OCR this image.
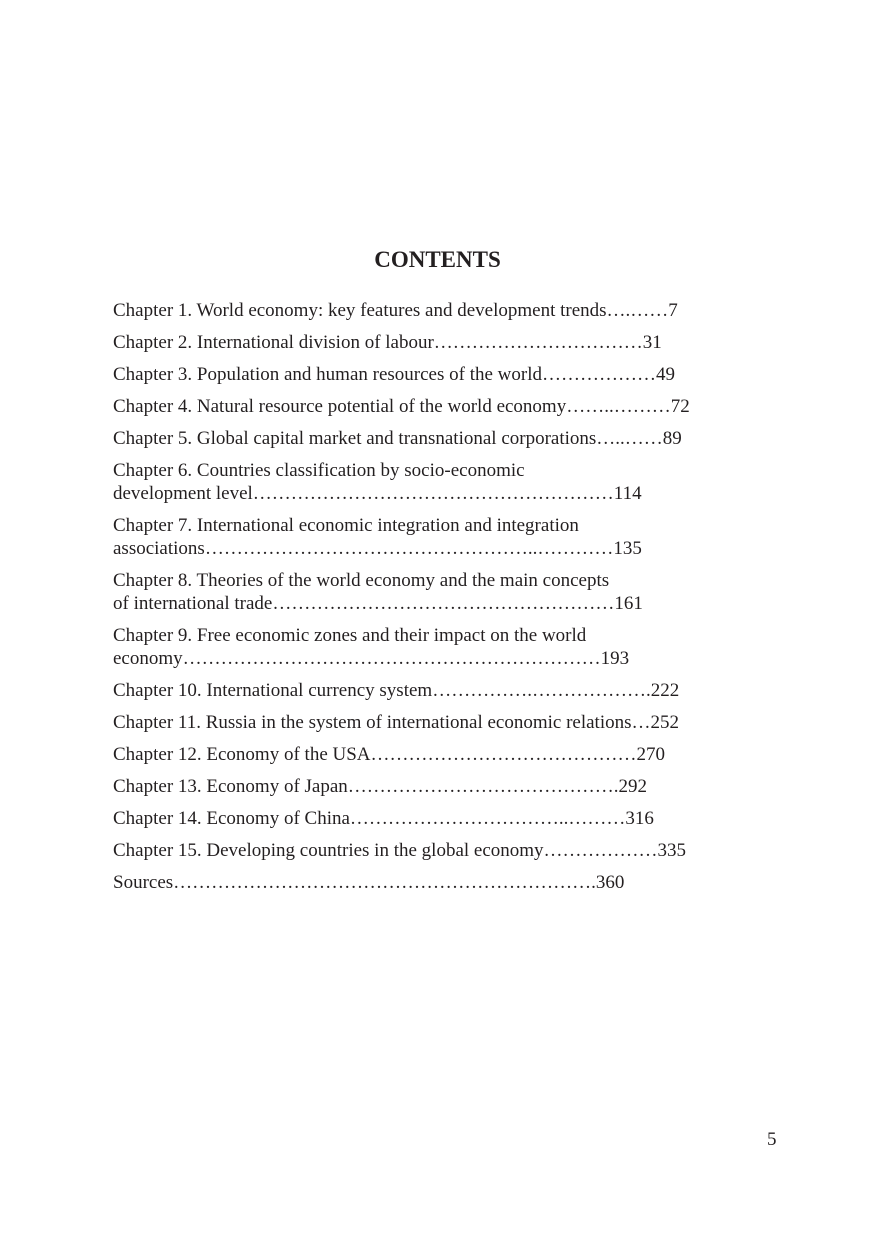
CONTENTS
Chapter 1. World economy: key features and development trends….……7
Chapter 2. International division of labour……………………………31
Chapter 3. Population and human resources of the world………………49
Chapter 4. Natural resource potential of the world economy……..………72
Chapter 5. Global capital market and transnational corporations…..……89
Chapter 6. Countries classification by socio-economic
development level…………………………………………………114
Chapter 7. International economic integration and integration
associations……………………………………………..…………135
Chapter 8. Theories of the world economy and the main concepts
of international trade………………………………………………161
Chapter 9. Free economic zones and their impact on the world
economy…………………………………………………………193
Chapter 10. International currency system…………….……………….222
Chapter 11. Russia in the system of international economic relations…252
Chapter 12. Economy of the USA……………………………………270
Chapter 13. Economy of Japan…………………………………….292
Chapter 14. Economy of China……………………………..………316
Chapter 15. Developing countries in the global economy………………335
Sources………………………………………………………….360

5
